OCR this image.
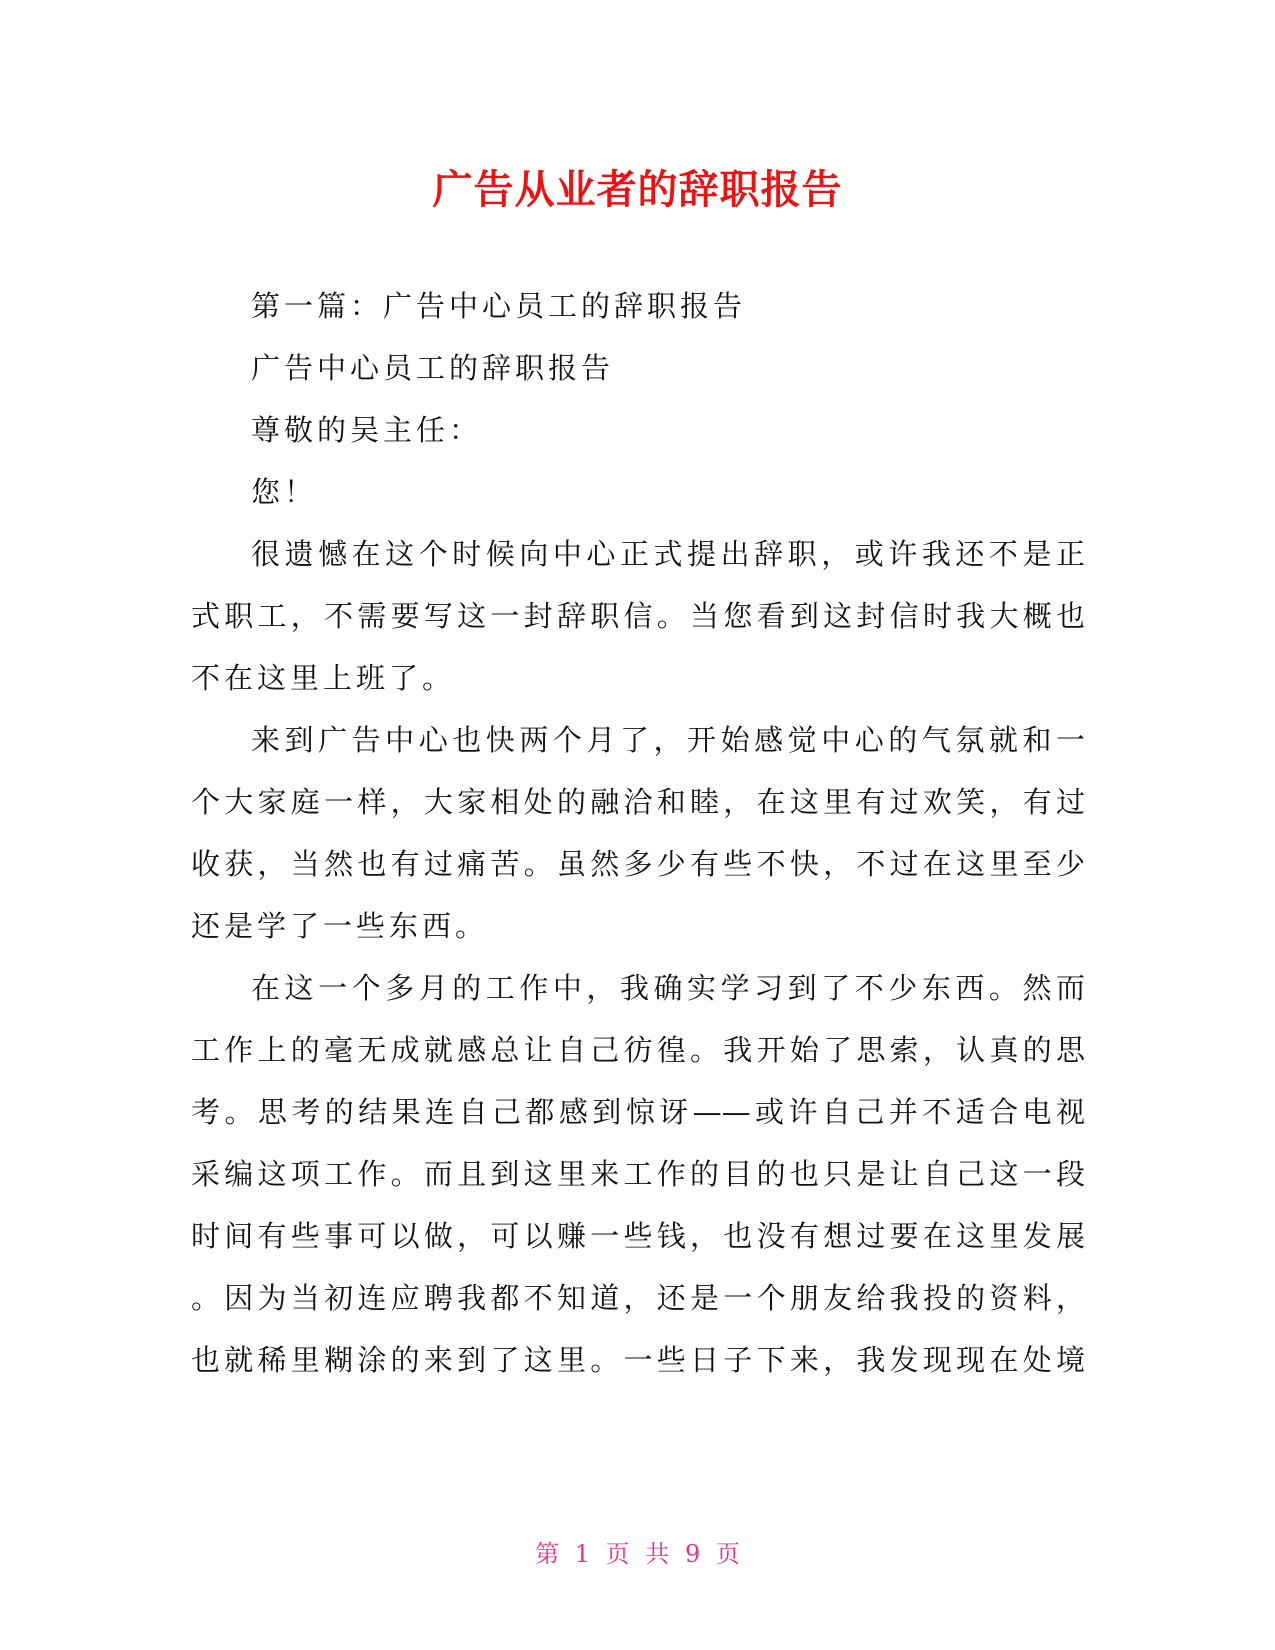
广告从业者的辞职报告
第一篇：广告中心员工的辞职报告
广告中心员工的辞职报告
尊敬的吴主任：
您！
很遗憾在这个时候向中心正式提出辞职，或许我还不是正
式职工，不需要写这一封辞职信。当您看到这封信时我大概也
不在这里上班了。
来到广告中心也快两个月了，开始感觉中心的气氛就和一
个大家庭一样，大家相处的融洽和睦，在这里有过欢笑，有过
收获，当然也有过痛苦。虽然多少有些不快，不过在这里至少
还是学了一些东西。
在这一个多月的工作中，我确实学习到了不少东西。然而
工作上的毫无成就感总让自己彷徨。我开始了思索，认真的思
考。思考的结果连自己都感到惊讶——或许自己并不适合电视
采编这项工作。而且到这里来工作的目的也只是让自己这一段
时间有些事可以做，可以赚一些钱，也没有想过要在这里发展
。因为当初连应聘我都不知道，还是一个朋友给我投的资料，
也就稀里糊涂的来到了这里。一些日子下来，我发现现在处境
第 1 页 共 9 页
